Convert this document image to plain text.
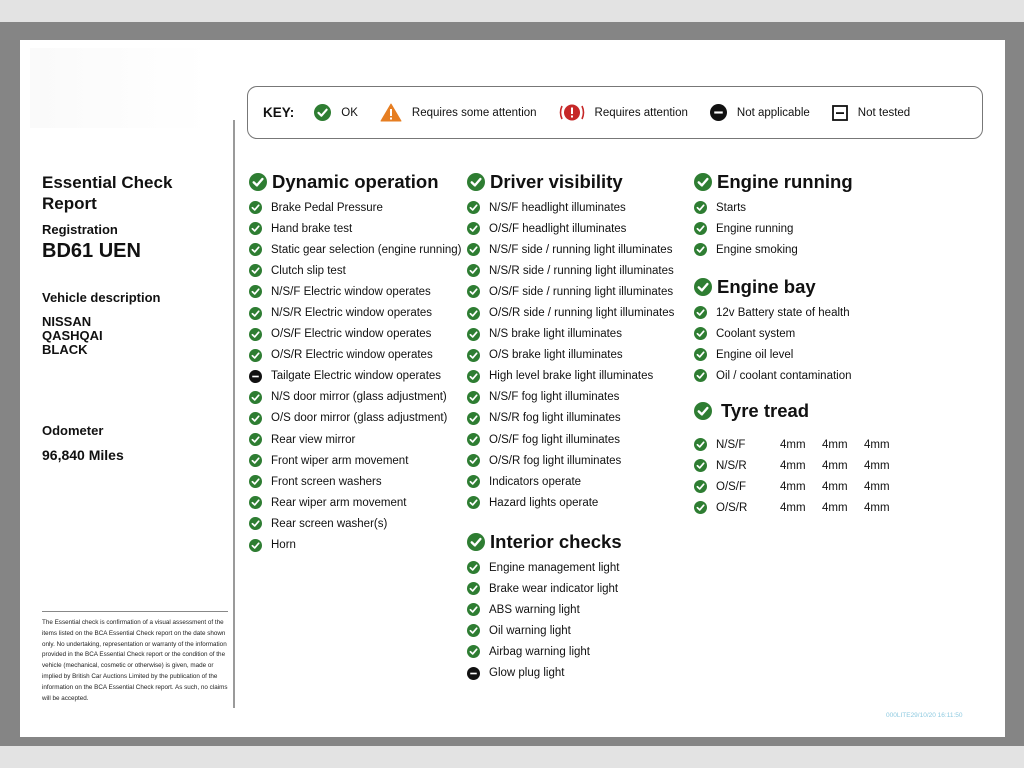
KEY:	OK	Requires some attention	Requires attention	Not applicable	Not tested
Essential Check
Report
Registration
BD61 UEN
Vehicle description
NISSAN
QASHQAI
BLACK
Odometer
96,840 Miles
The Essential check is confirmation of a visual assessment of the items listed on the BCA Essential Check report on the date shown only. No undertaking, representation or warranty of the information provided in the BCA Essential Check report or the condition of the vehicle (mechanical, cosmetic or otherwise) is given, made or implied by British Car Auctions Limited by the publication of the information on the BCA Essential Check report. As such, no claims will be accepted.
000LITE29/10/20 16:11:50
Dynamic operation
Brake Pedal Pressure
Hand brake test
Static gear selection (engine running)
Clutch slip test
N/S/F Electric window operates
N/S/R Electric window operates
O/S/F Electric window operates
O/S/R Electric window operates
Tailgate Electric window operates
N/S door mirror (glass adjustment)
O/S door mirror (glass adjustment)
Rear view mirror
Front wiper arm movement
Front screen washers
Rear wiper arm movement
Rear screen washer(s)
Horn
Driver visibility
N/S/F headlight illuminates
O/S/F headlight illuminates
N/S/F side / running light illuminates
N/S/R side / running light illuminates
O/S/F side / running light illuminates
O/S/R side / running light illuminates
N/S brake light illuminates
O/S brake light illuminates
High level brake light illuminates
N/S/F fog light illuminates
N/S/R fog light illuminates
O/S/F fog light illuminates
O/S/R fog light illuminates
Indicators operate
Hazard lights operate
Interior checks
Engine management light
Brake wear indicator light
ABS warning light
Oil warning light
Airbag warning light
Glow plug light
Engine running
Starts
Engine running
Engine smoking
Engine bay
12v Battery state of health
Coolant system
Engine oil level
Oil / coolant contamination
Tyre tread
N/S/F	4mm	4mm	4mm
N/S/R	4mm	4mm	4mm
O/S/F	4mm	4mm	4mm
O/S/R	4mm	4mm	4mm
